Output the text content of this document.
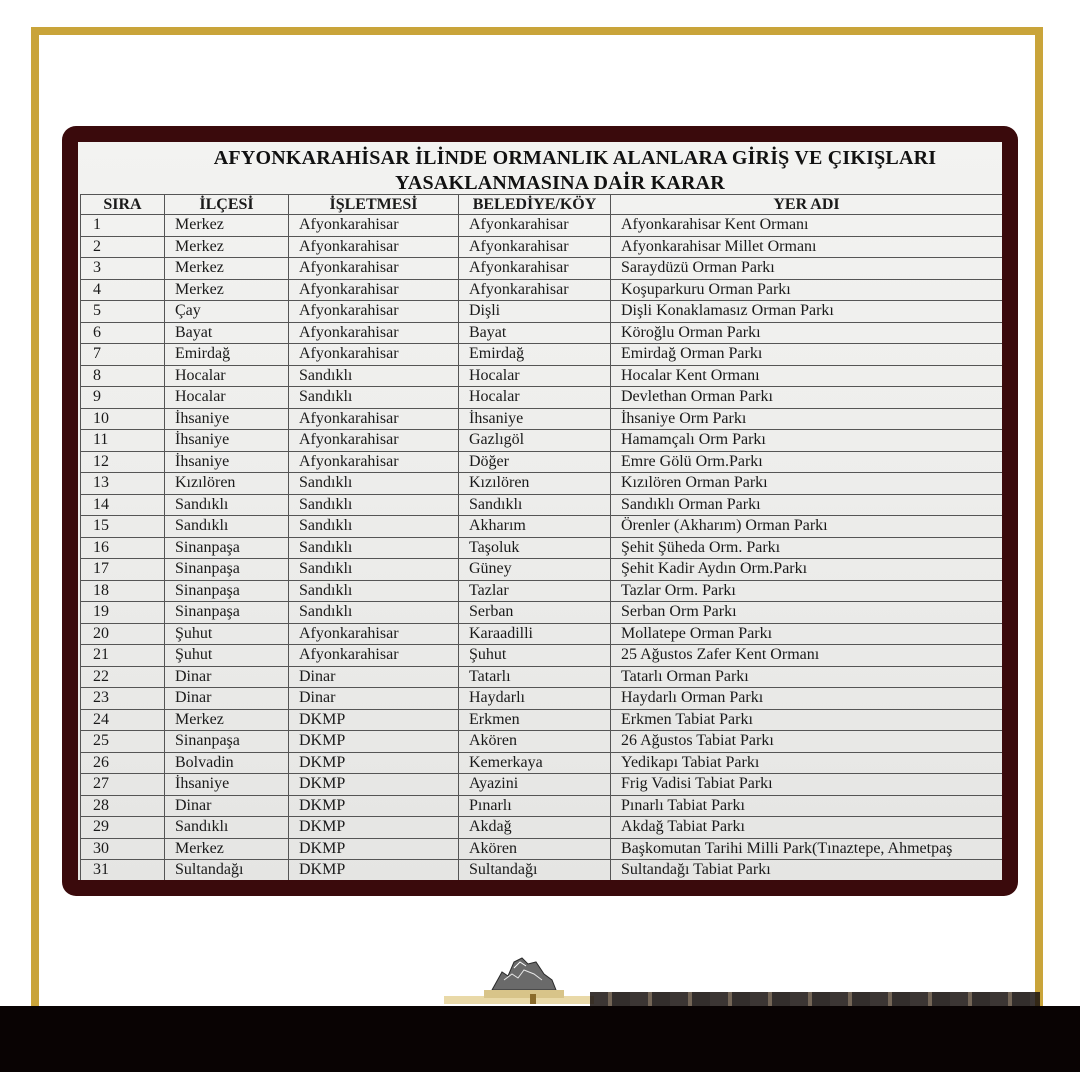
AFYONKARAHİSAR İLİNDE ORMANLIK ALANLARA GİRİŞ VE ÇIKIŞLARI
YASAKLANMASINA DAİR KARAR
SIRA	İLÇESİ	İŞLETMESİ	BELEDİYE/KÖY	YER ADI
1	Merkez	Afyonkarahisar	Afyonkarahisar	Afyonkarahisar Kent Ormanı
2	Merkez	Afyonkarahisar	Afyonkarahisar	Afyonkarahisar Millet Ormanı
3	Merkez	Afyonkarahisar	Afyonkarahisar	Saraydüzü Orman Parkı
4	Merkez	Afyonkarahisar	Afyonkarahisar	Koşuparkuru Orman Parkı
5	Çay	Afyonkarahisar	Dişli	Dişli Konaklamasız Orman Parkı
6	Bayat	Afyonkarahisar	Bayat	Köroğlu Orman Parkı
7	Emirdağ	Afyonkarahisar	Emirdağ	Emirdağ Orman Parkı
8	Hocalar	Sandıklı	Hocalar	Hocalar Kent Ormanı
9	Hocalar	Sandıklı	Hocalar	Devlethan Orman Parkı
10	İhsaniye	Afyonkarahisar	İhsaniye	İhsaniye Orm Parkı
11	İhsaniye	Afyonkarahisar	Gazlıgöl	Hamamçalı Orm Parkı
12	İhsaniye	Afyonkarahisar	Döğer	Emre Gölü Orm.Parkı
13	Kızılören	Sandıklı	Kızılören	Kızılören Orman Parkı
14	Sandıklı	Sandıklı	Sandıklı	Sandıklı Orman Parkı
15	Sandıklı	Sandıklı	Akharım	Örenler (Akharım) Orman Parkı
16	Sinanpaşa	Sandıklı	Taşoluk	Şehit Şüheda Orm. Parkı
17	Sinanpaşa	Sandıklı	Güney	Şehit Kadir Aydın Orm.Parkı
18	Sinanpaşa	Sandıklı	Tazlar	Tazlar Orm. Parkı
19	Sinanpaşa	Sandıklı	Serban	Serban Orm Parkı
20	Şuhut	Afyonkarahisar	Karaadilli	Mollatepe Orman Parkı
21	Şuhut	Afyonkarahisar	Şuhut	25 Ağustos Zafer Kent Ormanı
22	Dinar	Dinar	Tatarlı	Tatarlı Orman Parkı
23	Dinar	Dinar	Haydarlı	Haydarlı Orman Parkı
24	Merkez	DKMP	Erkmen	Erkmen Tabiat Parkı
25	Sinanpaşa	DKMP	Akören	26 Ağustos Tabiat Parkı
26	Bolvadin	DKMP	Kemerkaya	Yedikapı Tabiat Parkı
27	İhsaniye	DKMP	Ayazini	Frig Vadisi Tabiat Parkı
28	Dinar	DKMP	Pınarlı	Pınarlı Tabiat Parkı
29	Sandıklı	DKMP	Akdağ	Akdağ Tabiat Parkı
30	Merkez	DKMP	Akören	Başkomutan Tarihi Milli Park(Tınaztepe, Ahmetpaş
31	Sultandağı	DKMP	Sultandağı	Sultandağı Tabiat Parkı
